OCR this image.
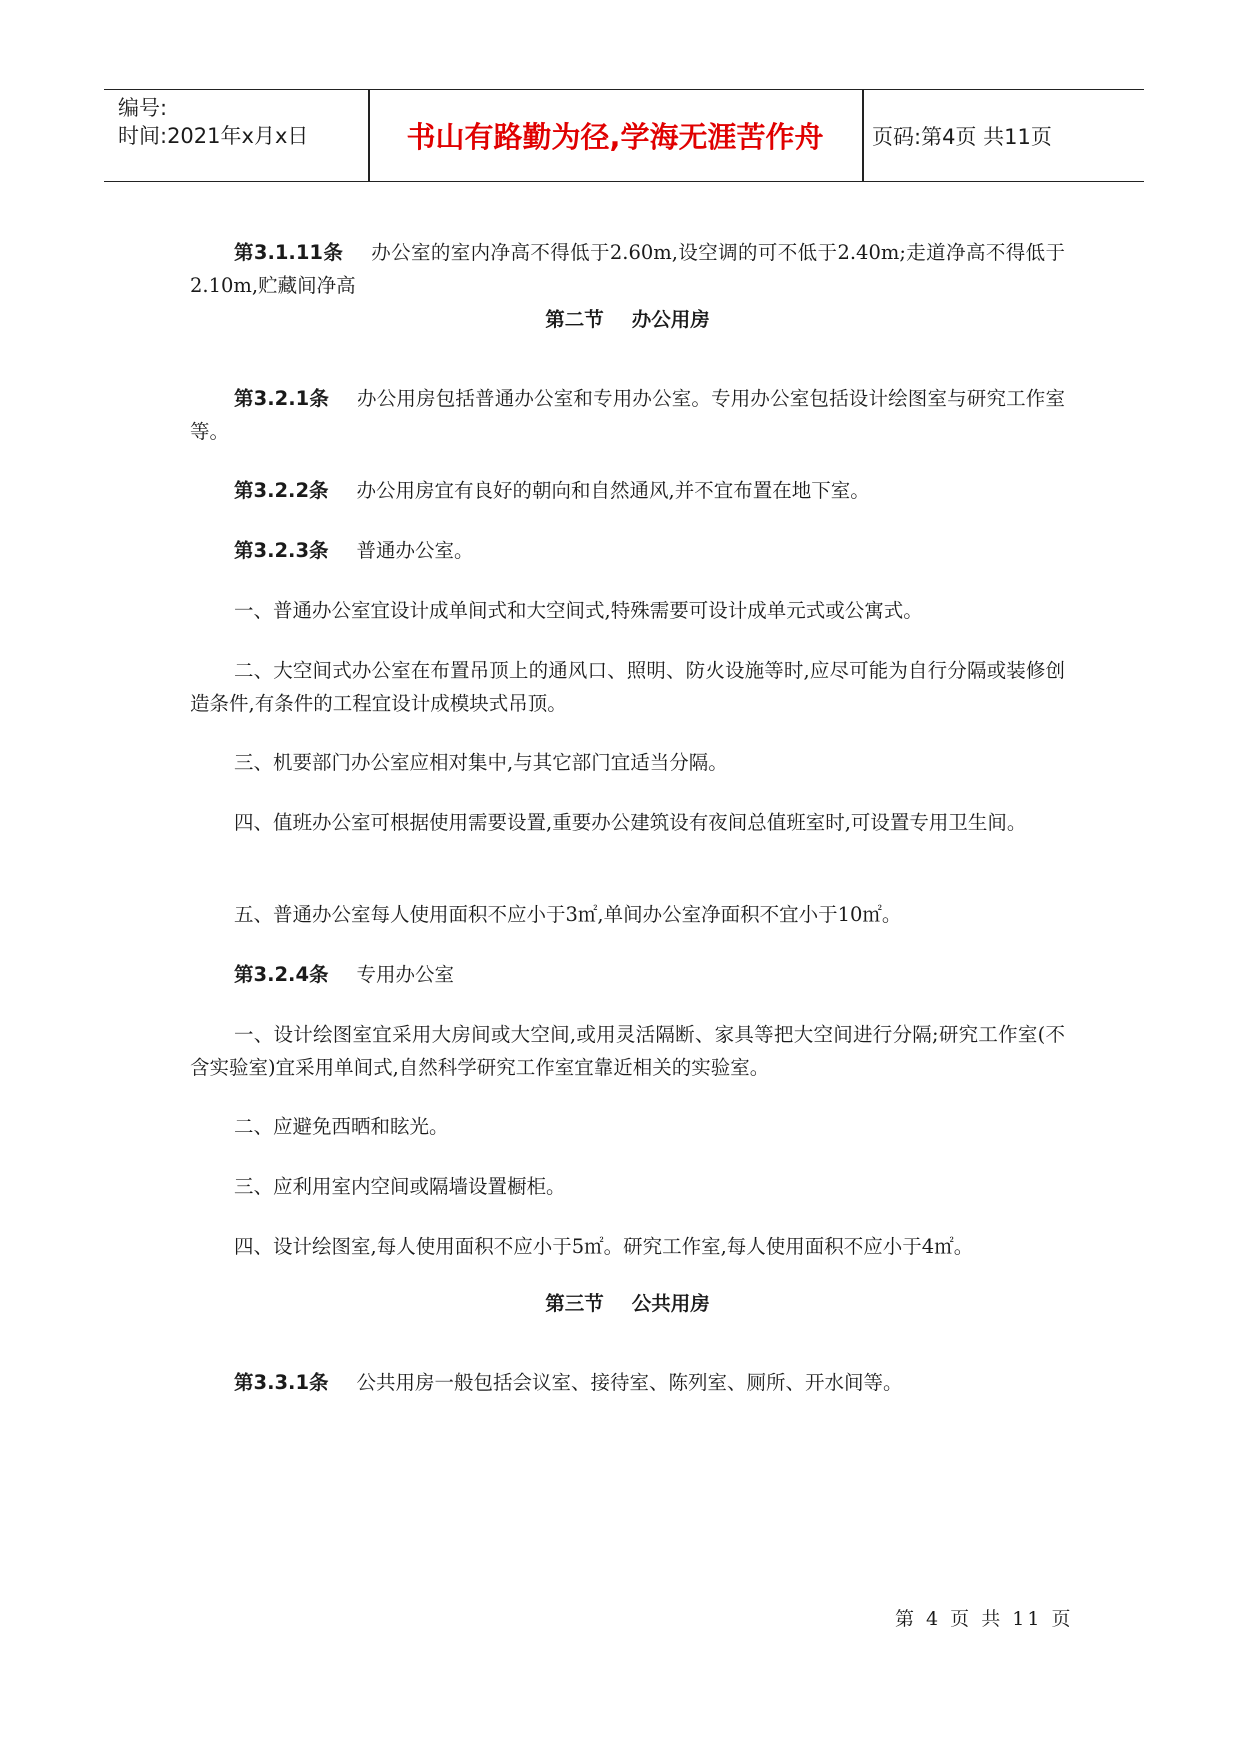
编号:
时间:2021年x月x日	书山有路勤为径,学海无涯苦作舟	页码:第4页 共11页

第3.1.11条 办公室的室内净高不得低于2.60m,设空调的可不低于2.40m;走道净高不得低于2.10m,贮藏间净高

第二节 办公用房

第3.2.1条 办公用房包括普通办公室和专用办公室。专用办公室包括设计绘图室与研究工作室等。

第3.2.2条 办公用房宜有良好的朝向和自然通风,并不宜布置在地下室。

第3.2.3条 普通办公室。

一、普通办公室宜设计成单间式和大空间式,特殊需要可设计成单元式或公寓式。

二、大空间式办公室在布置吊顶上的通风口、照明、防火设施等时,应尽可能为自行分隔或装修创造条件,有条件的工程宜设计成模块式吊顶。

三、机要部门办公室应相对集中,与其它部门宜适当分隔。

四、值班办公室可根据使用需要设置,重要办公建筑设有夜间总值班室时,可设置专用卫生间。

五、普通办公室每人使用面积不应小于3㎡,单间办公室净面积不宜小于10㎡。

第3.2.4条 专用办公室

一、设计绘图室宜采用大房间或大空间,或用灵活隔断、家具等把大空间进行分隔;研究工作室(不含实验室)宜采用单间式,自然科学研究工作室宜靠近相关的实验室。

二、应避免西晒和眩光。

三、应利用室内空间或隔墙设置橱柜。

四、设计绘图室,每人使用面积不应小于5㎡。研究工作室,每人使用面积不应小于4㎡。

第三节 公共用房

第3.3.1条 公共用房一般包括会议室、接待室、陈列室、厕所、开水间等。

第 4 页 共 11 页
